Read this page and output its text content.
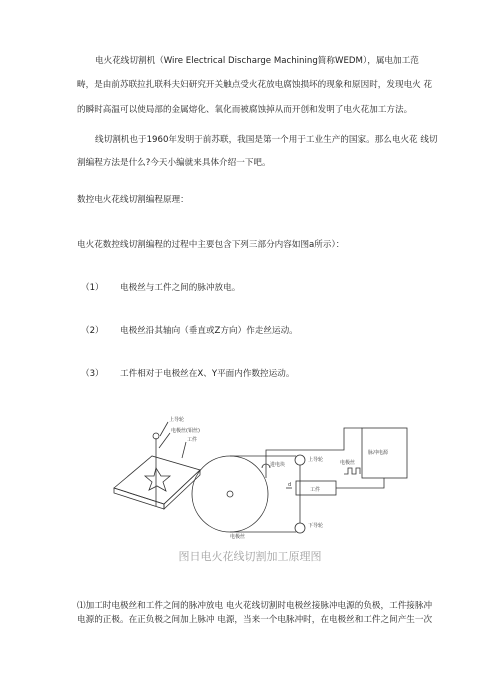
电火花线切割机（Wire Electrical Discharge Machining简称WEDM），属电加工范
畴，是由前苏联拉扎联科夫妇研究开关触点受火花放电腐蚀损坏的现象和原因时，发现电火 花
的瞬时高温可以使局部的金属熔化、氧化而被腐蚀掉从而开创和发明了电火花加工方法。
线切割机也于1960年发明于前苏联，我国是第一个用于工业生产的国家。那么电火花 线切
割编程方法是什么?今天小编就来具体介绍一下吧。
数控电火花线切割编程原理：
电火花数控线切割编程的过程中主要包含下列三部分内容如图a所示）：
（1） 电极丝与工件之间的脉冲放电。
（2） 电极丝沿其轴向（垂直或Z方向）作走丝运动。
（3） 工件相对于电极丝在X、Y平面内作数控运动。
上导轮
电极丝(钼丝)
工件
上导轮
进电块
工件
下导轮
电极丝
电极丝
脉冲电源
d
图日电火花线切割加工原理图
⑴加工时电极丝和工件之间的脉冲放电 电火花线切割时电极丝接脉冲电源的负极，工件接脉冲
电源的正极。在正负极之间加上脉冲 电源，当来一个电脉冲时，在电极丝和工件之间产生一次
